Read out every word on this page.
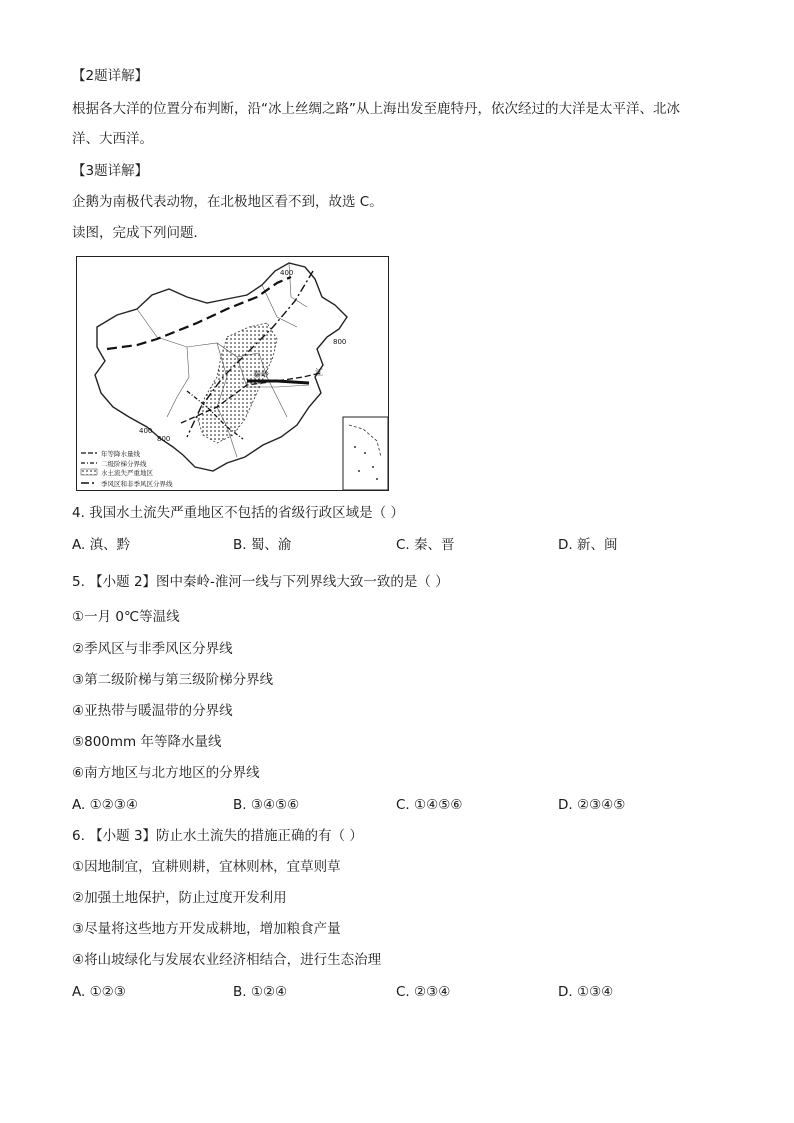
【2题详解】
根据各大洋的位置分布判断，沿“冰上丝绸之路”从上海出发至鹿特丹，依次经过的大洋是太平洋、北冰
洋、大西洋。
【3题详解】
企鹅为南极代表动物，在北极地区看不到，故选 C。
读图，完成下列问题．
400
800
400
800
秦岭	江
年等降水量线
二级阶梯分界线
水土流失严重地区
季风区和非季风区分界线
4. 我国水土流失严重地区不包括的省级行政区域是（ ）
A. 滇、黔	B. 蜀、渝	C. 秦、晋	D. 新、闽
5. 【小题 2】图中秦岭-淮河一线与下列界线大致一致的是（ ）
①一月 0℃等温线
②季风区与非季风区分界线
③第二级阶梯与第三级阶梯分界线
④亚热带与暖温带的分界线
⑤800mm 年等降水量线
⑥南方地区与北方地区的分界线
A. ①②③④	B. ③④⑤⑥	C. ①④⑤⑥	D. ②③④⑤
6. 【小题 3】防止水土流失的措施正确的有（ ）
①因地制宜，宜耕则耕，宜林则林，宜草则草
②加强土地保护，防止过度开发利用
③尽量将这些地方开发成耕地，增加粮食产量
④将山坡绿化与发展农业经济相结合，进行生态治理
A. ①②③	B. ①②④	C. ②③④	D. ①③④
